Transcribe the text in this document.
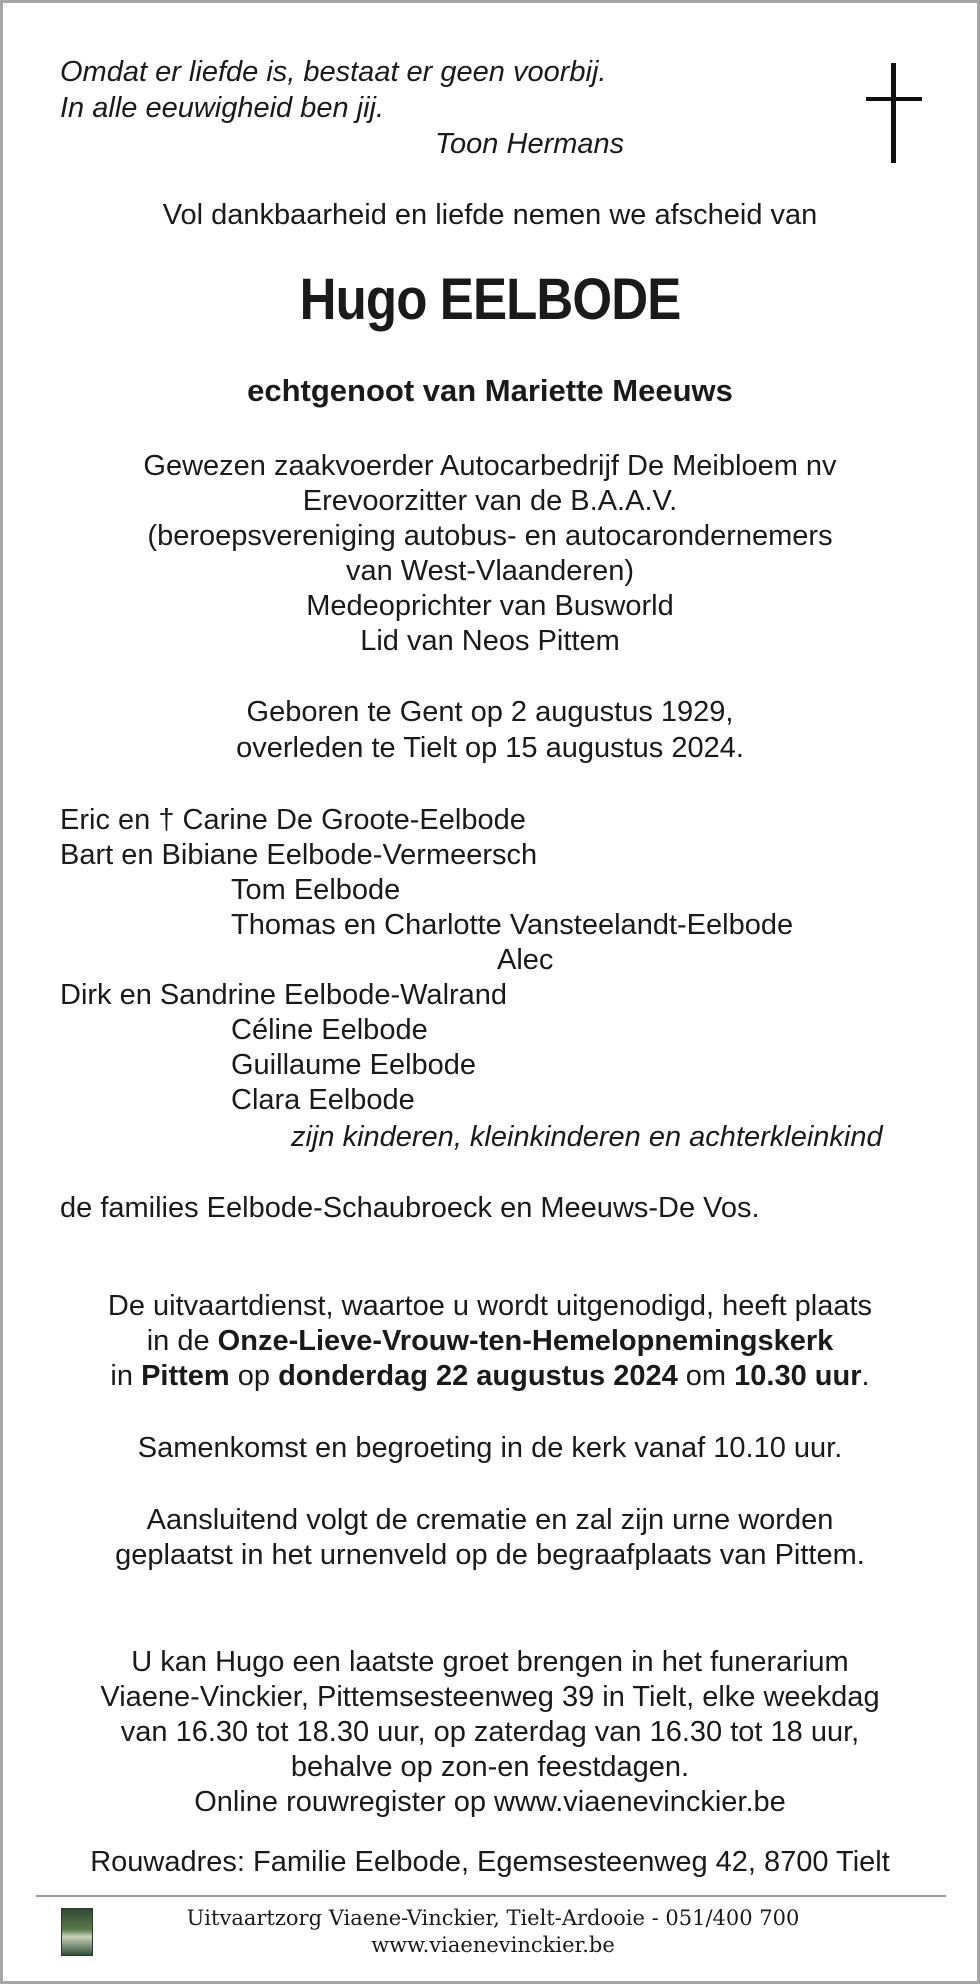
Omdat er liefde is, bestaat er geen voorbij.
In alle eeuwigheid ben jij.
Toon Hermans
Vol dankbaarheid en liefde nemen we afscheid van
Hugo EELBODE
echtgenoot van Mariette Meeuws
Gewezen zaakvoerder Autocarbedrijf De Meibloem nv
Erevoorzitter van de B.A.A.V.
(beroepsvereniging autobus- en autocarondernemers
van West-Vlaanderen)
Medeoprichter van Busworld
Lid van Neos Pittem
Geboren te Gent op 2 augustus 1929,
overleden te Tielt op 15 augustus 2024.
Eric en † Carine De Groote-Eelbode
Bart en Bibiane Eelbode-Vermeersch
Tom Eelbode
Thomas en Charlotte Vansteelandt-Eelbode
Alec
Dirk en Sandrine Eelbode-Walrand
Céline Eelbode
Guillaume Eelbode
Clara Eelbode
zijn kinderen, kleinkinderen en achterkleinkind
de families Eelbode-Schaubroeck en Meeuws-De Vos.
De uitvaartdienst, waartoe u wordt uitgenodigd, heeft plaats
in de Onze-Lieve-Vrouw-ten-Hemelopnemingskerk
in Pittem op donderdag 22 augustus 2024 om 10.30 uur.
Samenkomst en begroeting in de kerk vanaf 10.10 uur.
Aansluitend volgt de crematie en zal zijn urne worden
geplaatst in het urnenveld op de begraafplaats van Pittem.
U kan Hugo een laatste groet brengen in het funerarium
Viaene-Vinckier, Pittemsesteenweg 39 in Tielt, elke weekdag
van 16.30 tot 18.30 uur, op zaterdag van 16.30 tot 18 uur,
behalve op zon-en feestdagen.
Online rouwregister op www.viaenevinckier.be
Rouwadres: Familie Eelbode, Egemsesteenweg 42, 8700 Tielt
Uitvaartzorg Viaene-Vinckier, Tielt-Ardooie - 051/400 700
www.viaenevinckier.be
